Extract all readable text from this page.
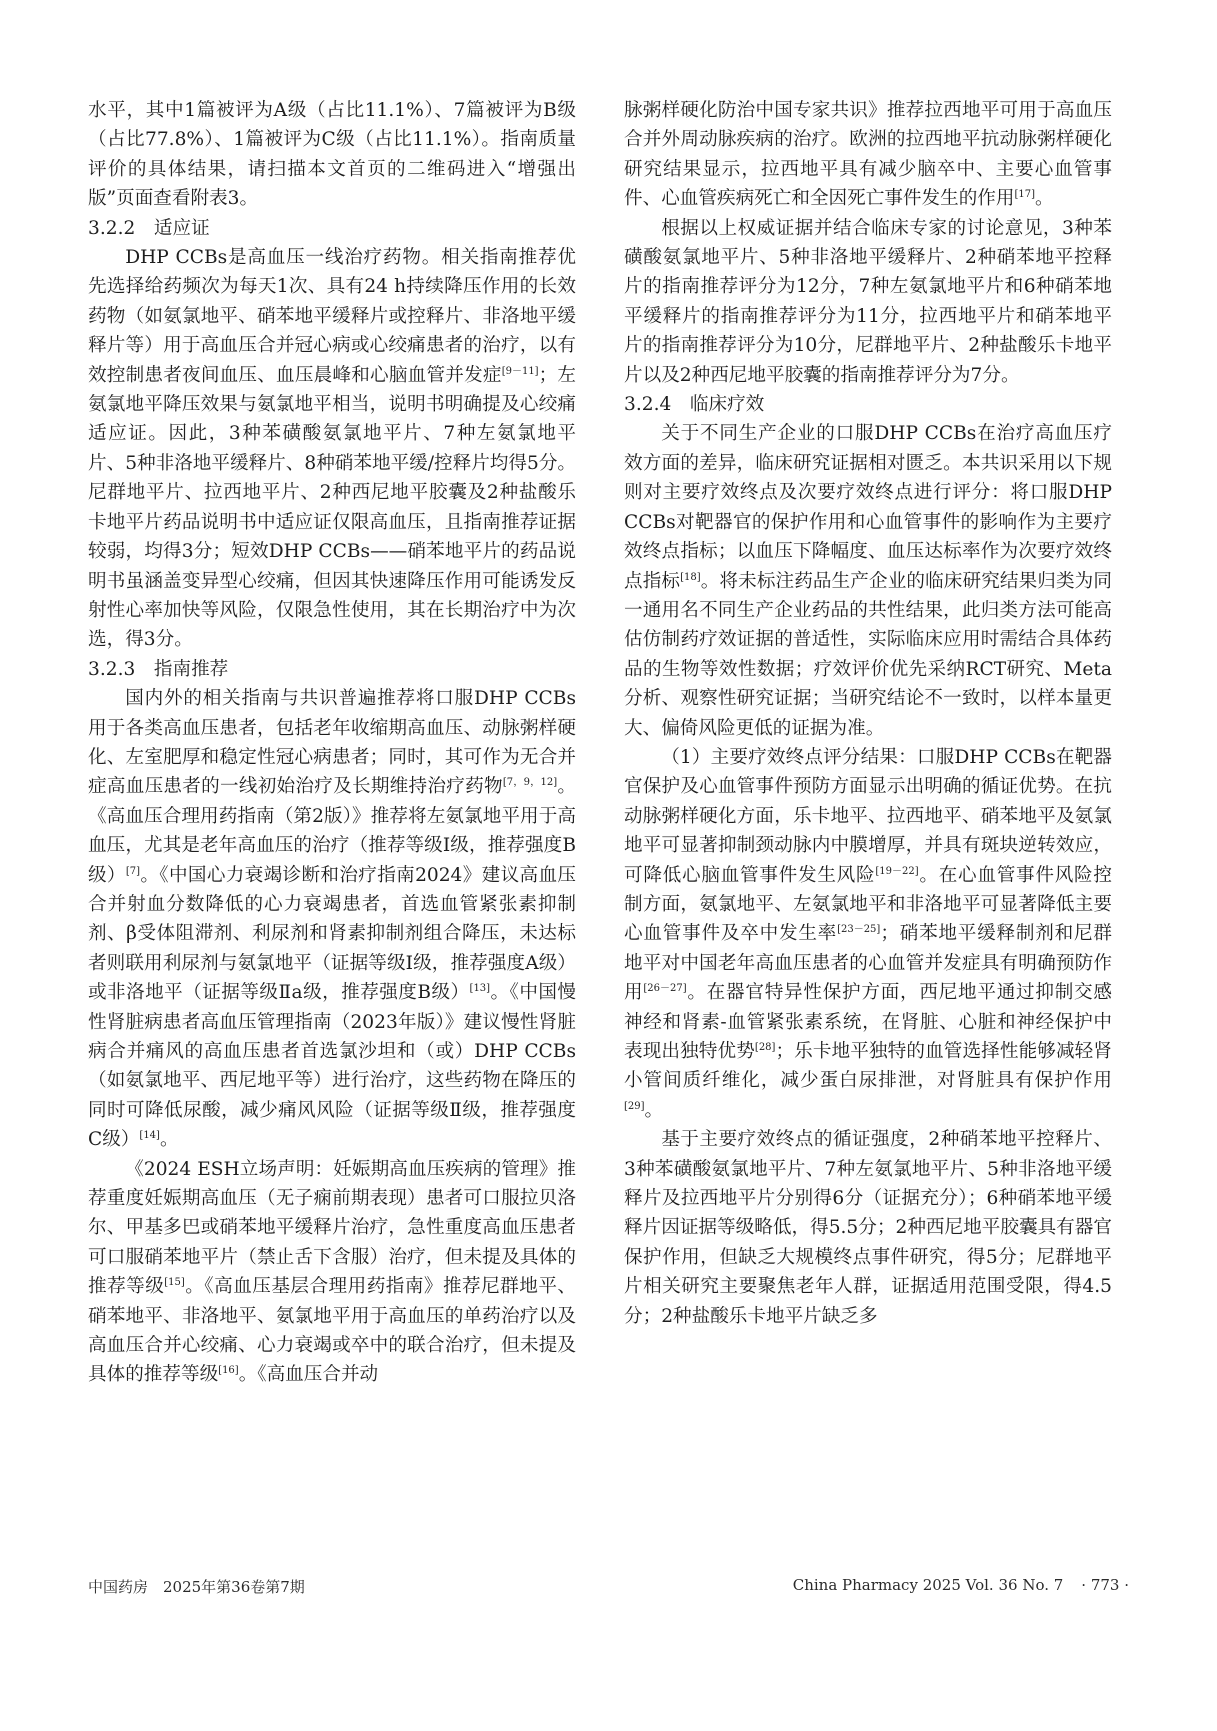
水平，其中1篇被评为A级（占比11.1%）、7篇被评为B级（占比77.8%）、1篇被评为C级（占比11.1%）。指南质量评价的具体结果，请扫描本文首页的二维码进入“增强出版”页面查看附表3。

3.2.2　适应证

DHP CCBs是高血压一线治疗药物。相关指南推荐优先选择给药频次为每天1次、具有24 h持续降压作用的长效药物（如氨氯地平、硝苯地平缓释片或控释片、非洛地平缓释片等）用于高血压合并冠心病或心绞痛患者的治疗，以有效控制患者夜间血压、血压晨峰和心脑血管并发症[9－11]；左氨氯地平降压效果与氨氯地平相当，说明书明确提及心绞痛适应证。因此，3种苯磺酸氨氯地平片、7种左氨氯地平片、5种非洛地平缓释片、8种硝苯地平缓/控释片均得5分。尼群地平片、拉西地平片、2种西尼地平胶囊及2种盐酸乐卡地平片药品说明书中适应证仅限高血压，且指南推荐证据较弱，均得3分；短效DHP CCBs——硝苯地平片的药品说明书虽涵盖变异型心绞痛，但因其快速降压作用可能诱发反射性心率加快等风险，仅限急性使用，其在长期治疗中为次选，得3分。

3.2.3　指南推荐

国内外的相关指南与共识普遍推荐将口服DHP CCBs用于各类高血压患者，包括老年收缩期高血压、动脉粥样硬化、左室肥厚和稳定性冠心病患者；同时，其可作为无合并症高血压患者的一线初始治疗及长期维持治疗药物[7，9，12]。《高血压合理用药指南（第2版）》推荐将左氨氯地平用于高血压，尤其是老年高血压的治疗（推荐等级Ⅰ级，推荐强度B级）[7]。《中国心力衰竭诊断和治疗指南2024》建议高血压合并射血分数降低的心力衰竭患者，首选血管紧张素抑制剂、β受体阻滞剂、利尿剂和肾素抑制剂组合降压，未达标者则联用利尿剂与氨氯地平（证据等级Ⅰ级，推荐强度A级）或非洛地平（证据等级Ⅱa级，推荐强度B级）[13]。《中国慢性肾脏病患者高血压管理指南（2023年版）》建议慢性肾脏病合并痛风的高血压患者首选氯沙坦和（或）DHP CCBs（如氨氯地平、西尼地平等）进行治疗，这些药物在降压的同时可降低尿酸，减少痛风风险（证据等级Ⅱ级，推荐强度C级）[14]。

《2024 ESH立场声明：妊娠期高血压疾病的管理》推荐重度妊娠期高血压（无子痫前期表现）患者可口服拉贝洛尔、甲基多巴或硝苯地平缓释片治疗，急性重度高血压患者可口服硝苯地平片（禁止舌下含服）治疗，但未提及具体的推荐等级[15]。《高血压基层合理用药指南》推荐尼群地平、硝苯地平、非洛地平、氨氯地平用于高血压的单药治疗以及高血压合并心绞痛、心力衰竭或卒中的联合治疗，但未提及具体的推荐等级[16]。《高血压合并动

脉粥样硬化防治中国专家共识》推荐拉西地平可用于高血压合并外周动脉疾病的治疗。欧洲的拉西地平抗动脉粥样硬化研究结果显示，拉西地平具有减少脑卒中、主要心血管事件、心血管疾病死亡和全因死亡事件发生的作用[17]。

根据以上权威证据并结合临床专家的讨论意见，3种苯磺酸氨氯地平片、5种非洛地平缓释片、2种硝苯地平控释片的指南推荐评分为12分，7种左氨氯地平片和6种硝苯地平缓释片的指南推荐评分为11分，拉西地平片和硝苯地平片的指南推荐评分为10分，尼群地平片、2种盐酸乐卡地平片以及2种西尼地平胶囊的指南推荐评分为7分。

3.2.4　临床疗效

关于不同生产企业的口服DHP CCBs在治疗高血压疗效方面的差异，临床研究证据相对匮乏。本共识采用以下规则对主要疗效终点及次要疗效终点进行评分：将口服DHP CCBs对靶器官的保护作用和心血管事件的影响作为主要疗效终点指标；以血压下降幅度、血压达标率作为次要疗效终点指标[18]。将未标注药品生产企业的临床研究结果归类为同一通用名不同生产企业药品的共性结果，此归类方法可能高估仿制药疗效证据的普适性，实际临床应用时需结合具体药品的生物等效性数据；疗效评价优先采纳RCT研究、Meta分析、观察性研究证据；当研究结论不一致时，以样本量更大、偏倚风险更低的证据为准。

（1）主要疗效终点评分结果：口服DHP CCBs在靶器官保护及心血管事件预防方面显示出明确的循证优势。在抗动脉粥样硬化方面，乐卡地平、拉西地平、硝苯地平及氨氯地平可显著抑制颈动脉内中膜增厚，并具有斑块逆转效应，可降低心脑血管事件发生风险[19－22]。在心血管事件风险控制方面，氨氯地平、左氨氯地平和非洛地平可显著降低主要心血管事件及卒中发生率[23－25]；硝苯地平缓释制剂和尼群地平对中国老年高血压患者的心血管并发症具有明确预防作用[26－27]。在器官特异性保护方面，西尼地平通过抑制交感神经和肾素-血管紧张素系统，在肾脏、心脏和神经保护中表现出独特优势[28]；乐卡地平独特的血管选择性能够减轻肾小管间质纤维化，减少蛋白尿排泄，对肾脏具有保护作用[29]。

基于主要疗效终点的循证强度，2种硝苯地平控释片、3种苯磺酸氨氯地平片、7种左氨氯地平片、5种非洛地平缓释片及拉西地平片分别得6分（证据充分）；6种硝苯地平缓释片因证据等级略低，得5.5分；2种西尼地平胶囊具有器官保护作用，但缺乏大规模终点事件研究，得5分；尼群地平片相关研究主要聚焦老年人群，证据适用范围受限，得4.5分；2种盐酸乐卡地平片缺乏多

中国药房　2025年第36卷第7期	China Pharmacy 2025 Vol. 36 No. 7 · 773 ·
